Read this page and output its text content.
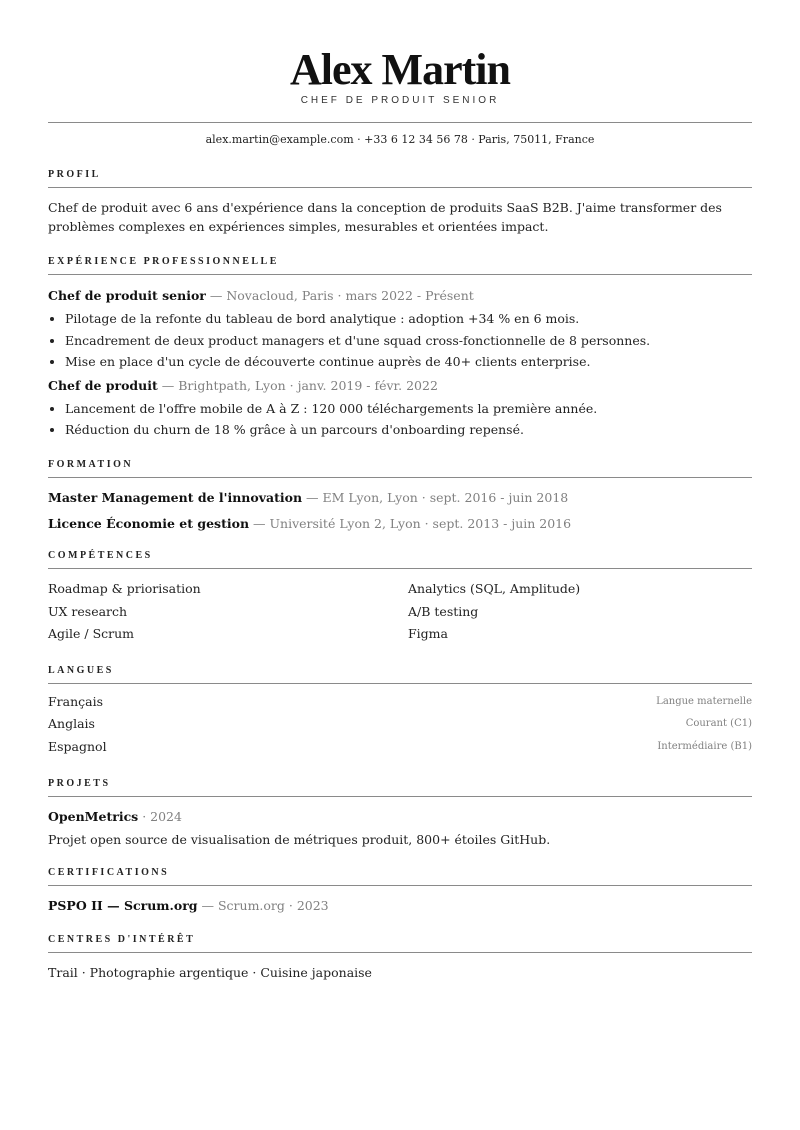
Alex Martin
CHEF DE PRODUIT SENIOR
alex.martin@example.com · +33 6 12 34 56 78 · Paris, 75011, France
PROFIL
Chef de produit avec 6 ans d'expérience dans la conception de produits SaaS B2B. J'aime transformer des problèmes complexes en expériences simples, mesurables et orientées impact.
EXPÉRIENCE PROFESSIONNELLE
Chef de produit senior — Novacloud, Paris · mars 2022 - Présent
• Pilotage de la refonte du tableau de bord analytique : adoption +34 % en 6 mois.
• Encadrement de deux product managers et d'une squad cross-fonctionnelle de 8 personnes.
• Mise en place d'un cycle de découverte continue auprès de 40+ clients enterprise.
Chef de produit — Brightpath, Lyon · janv. 2019 - févr. 2022
• Lancement de l'offre mobile de A à Z : 120 000 téléchargements la première année.
• Réduction du churn de 18 % grâce à un parcours d'onboarding repensé.
FORMATION
Master Management de l'innovation — EM Lyon, Lyon · sept. 2016 - juin 2018
Licence Économie et gestion — Université Lyon 2, Lyon · sept. 2013 - juin 2016
COMPÉTENCES
Roadmap & priorisation	Analytics (SQL, Amplitude)
UX research	A/B testing
Agile / Scrum	Figma
LANGUES
Français	Langue maternelle
Anglais	Courant (C1)
Espagnol	Intermédiaire (B1)
PROJETS
OpenMetrics · 2024
Projet open source de visualisation de métriques produit, 800+ étoiles GitHub.
CERTIFICATIONS
PSPO II — Scrum.org — Scrum.org · 2023
CENTRES D'INTÉRÊT
Trail · Photographie argentique · Cuisine japonaise
